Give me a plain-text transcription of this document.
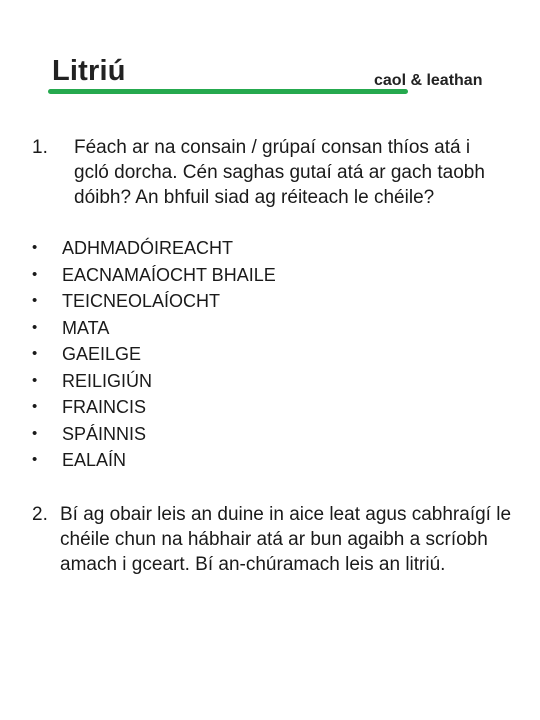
Litriú	caol & leathan
1. Féach ar na consain / grúpaí consan thíos atá i gcló dorcha. Cén saghas gutaí atá ar gach taobh dóibh? An bhfuil siad ag réiteach le chéile?
• ADHMADÓIREACHT
• EACNAMAÍOCHT BHAILE
• TEICNEOLAÍOCHT
• MATA
• GAEILGE
• REILIGIÚN
• FRAINCIS
• SPÁINNIS
• EALAÍN
2. Bí ag obair leis an duine in aice leat agus cabhraígí le chéile chun na hábhair atá ar bun agaibh a scríobh amach i gceart. Bí an-chúramach leis an litriú.
